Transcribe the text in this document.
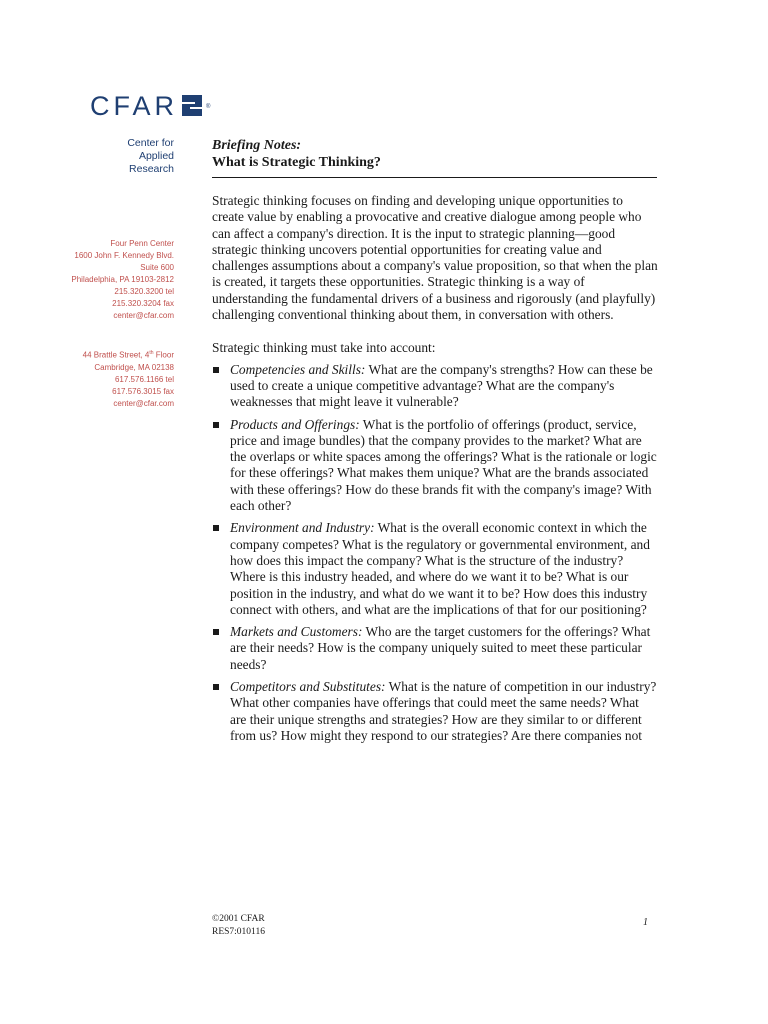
CFAR	®
Center for
Applied
Research
Four Penn Center
1600 John F. Kennedy Blvd.
Suite 600
Philadelphia, PA 19103-2812
215.320.3200 tel
215.320.3204 fax
center@cfar.com
44 Brattle Street, 4th Floor
Cambridge, MA 02138
617.576.1166 tel
617.576.3015 fax
center@cfar.com
Briefing Notes:
What is Strategic Thinking?

Strategic thinking focuses on finding and developing unique opportunities to create value by enabling a provocative and creative dialogue among people who can affect a company's direction. It is the input to strategic planning—good strategic thinking uncovers potential opportunities for creating value and challenges assumptions about a company's value proposition, so that when the plan is created, it targets these opportunities. Strategic thinking is a way of understanding the fundamental drivers of a business and rigorously (and playfully) challenging conventional thinking about them, in conversation with others.

Strategic thinking must take into account:

Competencies and Skills: What are the company's strengths? How can these be used to create a unique competitive advantage? What are the company's weaknesses that might leave it vulnerable?
Products and Offerings: What is the portfolio of offerings (product, service, price and image bundles) that the company provides to the market? What are the overlaps or white spaces among the offerings? What is the rationale or logic for these offerings? What makes them unique? What are the brands associated with these offerings? How do these brands fit with the company's image? With each other?
Environment and Industry: What is the overall economic context in which the company competes? What is the regulatory or governmental environment, and how does this impact the company? What is the structure of the industry? Where is this industry headed, and where do we want it to be? What is our position in the industry, and what do we want it to be? How does this industry connect with others, and what are the implications of that for our positioning?
Markets and Customers: Who are the target customers for the offerings? What are their needs? How is the company uniquely suited to meet these particular needs?
Competitors and Substitutes: What is the nature of competition in our industry? What other companies have offerings that could meet the same needs? What are their unique strengths and strategies? How are they similar to or different from us? How might they respond to our strategies? Are there companies not
©2001 CFAR
RES7:010116
1
